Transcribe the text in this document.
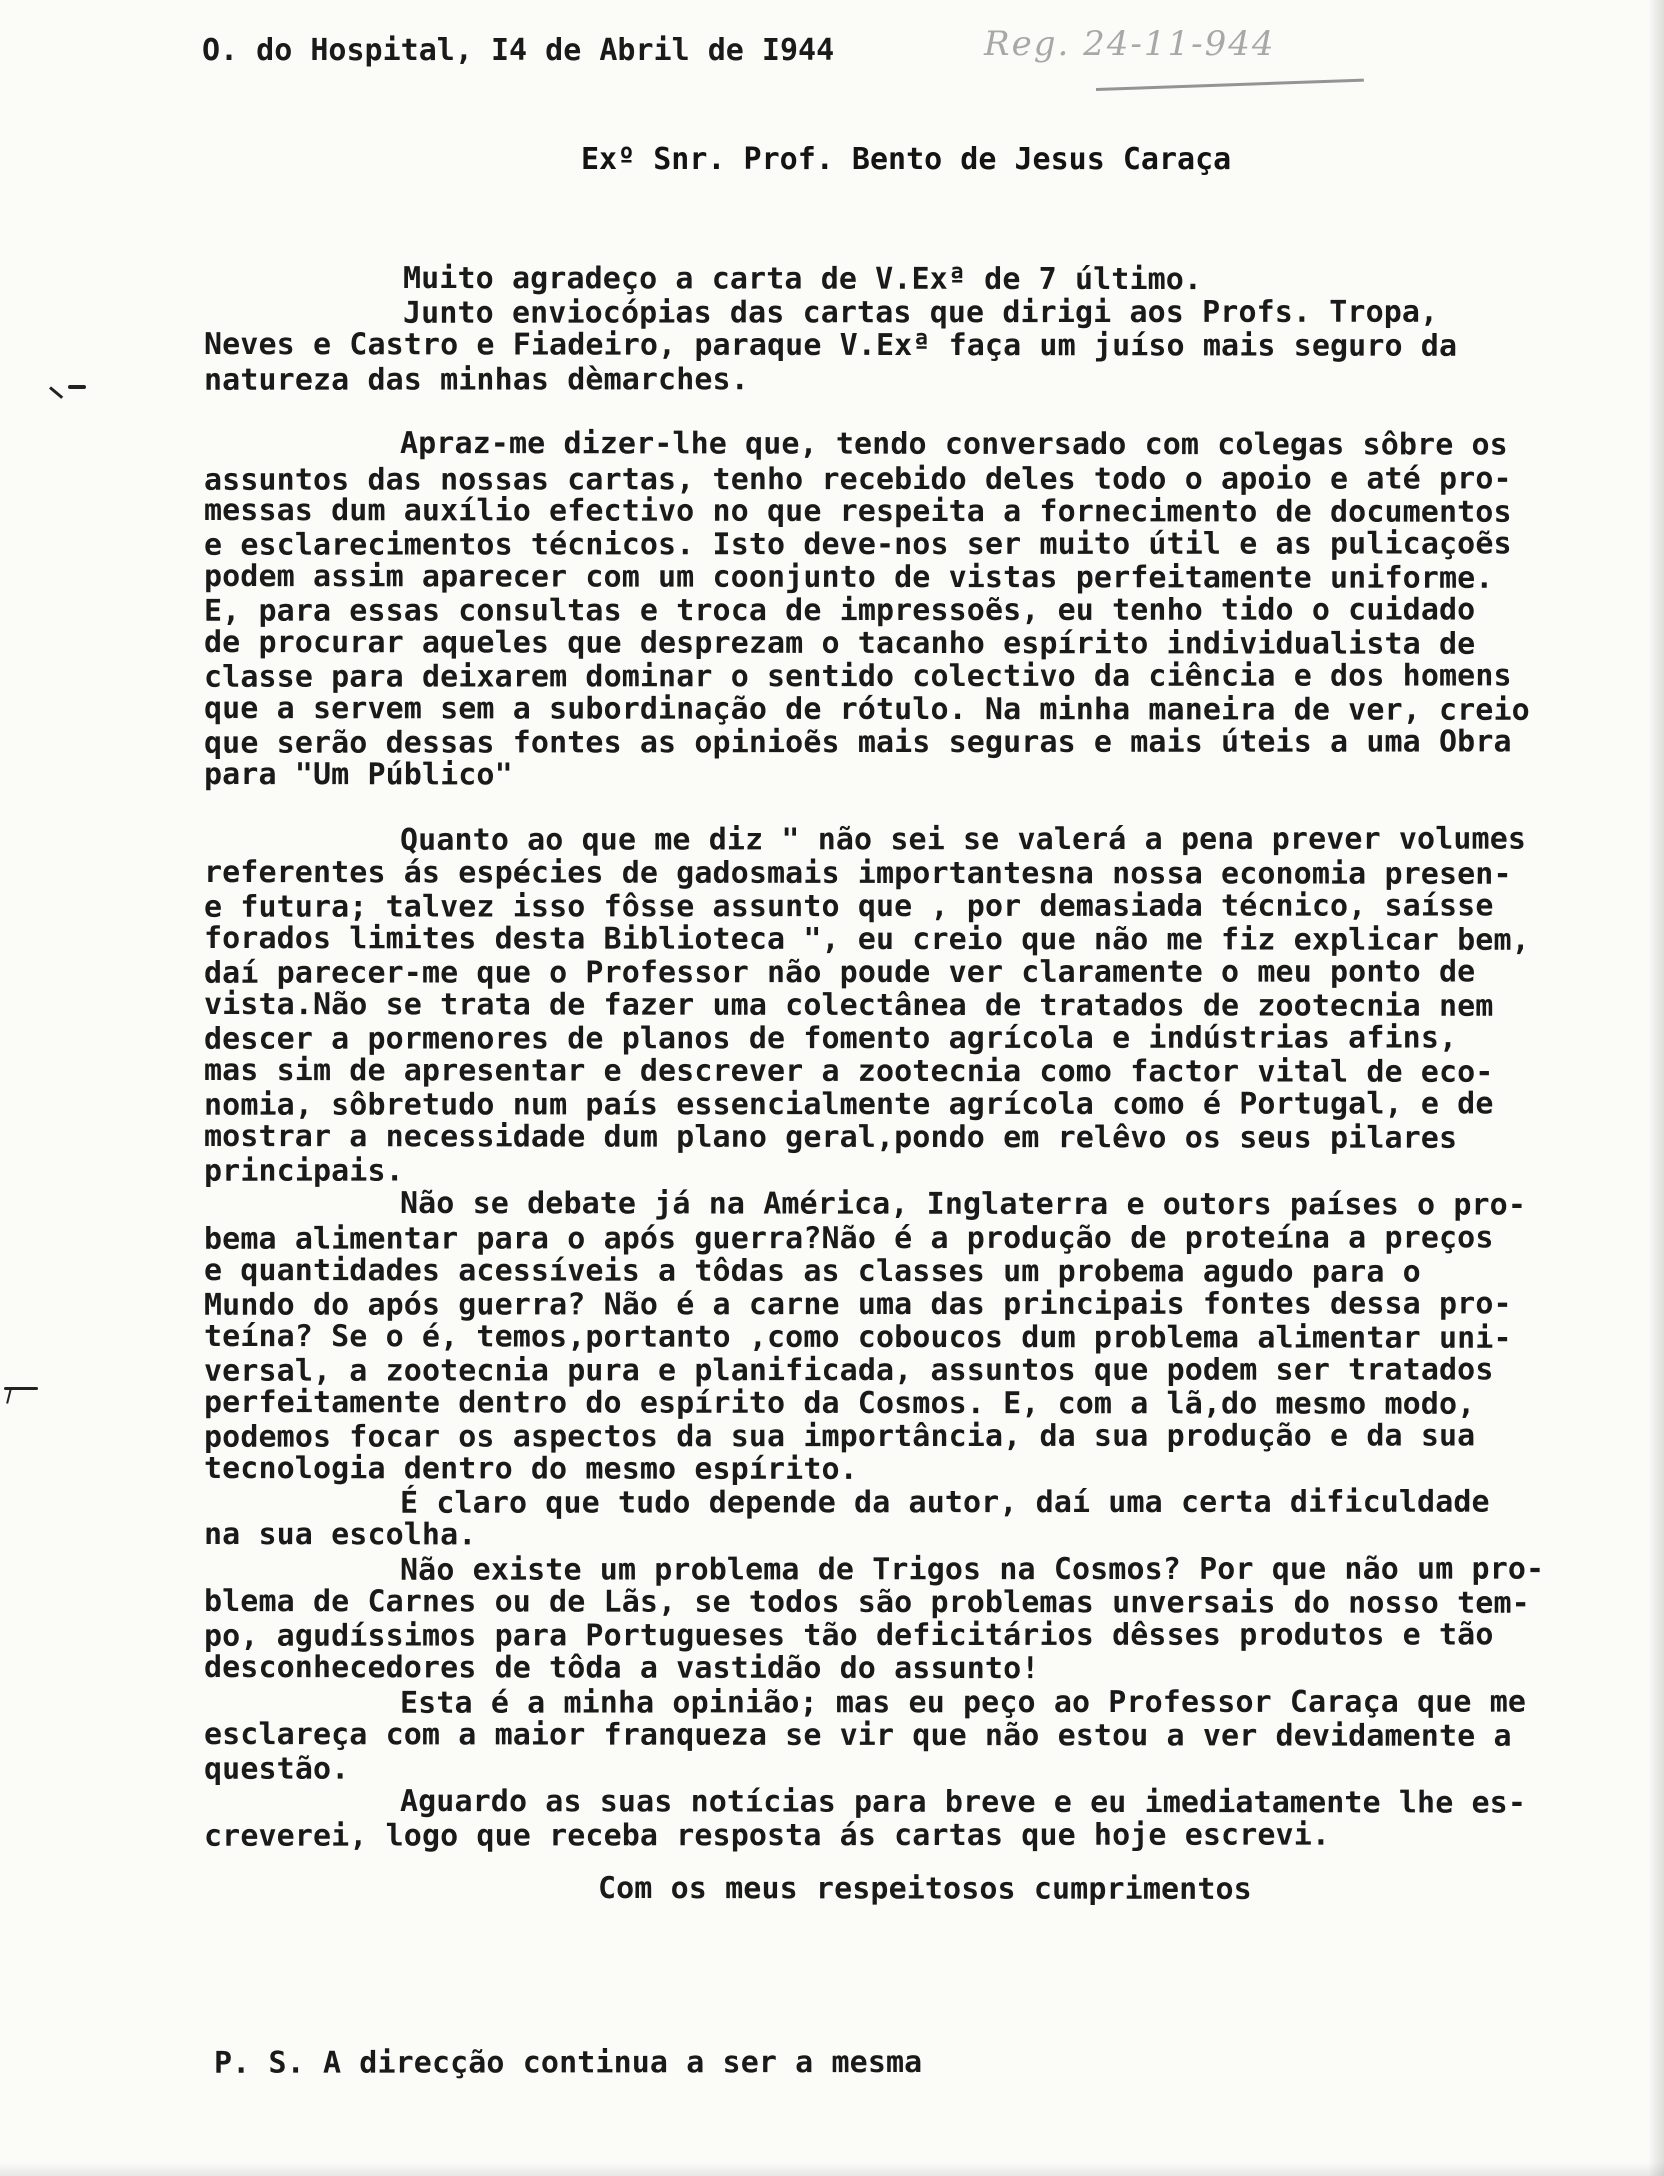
O. do Hospital, I4 de Abril de I944	Reg. 24-11-944
Exº Snr. Prof. Bento de Jesus Caraça
Muito agradeço a carta de V.Exª de 7 último.
Junto enviocópias das cartas que dirigi aos Profs. Tropa,
Neves e Castro e Fiadeiro, paraque V.Exª faça um juíso mais seguro da
natureza das minhas dèmarches.
Apraz-me dizer-lhe que, tendo conversado com colegas sôbre os
assuntos das nossas cartas, tenho recebido deles todo o apoio e até pro-
messas dum auxílio efectivo no que respeita a fornecimento de documentos
e esclarecimentos técnicos. Isto deve-nos ser muito útil e as pulicaçoẽs
podem assim aparecer com um coonjunto de vistas perfeitamente uniforme.
E, para essas consultas e troca de impressoẽs, eu tenho tido o cuidado
de procurar aqueles que desprezam o tacanho espírito individualista de
classe para deixarem dominar o sentido colectivo da ciência e dos homens
que a servem sem a subordinação de rótulo. Na minha maneira de ver, creio
que serão dessas fontes as opinioẽs mais seguras e mais úteis a uma Obra
para "Um Público"
Quanto ao que me diz " não sei se valerá a pena prever volumes
referentes ás espécies de gadosmais importantesna nossa economia presen-
e futura; talvez isso fôsse assunto que , por demasiada técnico, saísse
forados limites desta Biblioteca ", eu creio que não me fiz explicar bem,
daí parecer-me que o Professor não poude ver claramente o meu ponto de
vista.Não se trata de fazer uma colectânea de tratados de zootecnia nem
descer a pormenores de planos de fomento agrícola e indústrias afins,
mas sim de apresentar e descrever a zootecnia como factor vital de eco-
nomia, sôbretudo num país essencialmente agrícola como é Portugal, e de
mostrar a necessidade dum plano geral,pondo em relêvo os seus pilares
principais.
Não se debate já na América, Inglaterra e outors países o pro-
bema alimentar para o após guerra?Não é a produção de proteína a preços
e quantidades acessíveis a tôdas as classes um probema agudo para o
Mundo do após guerra? Não é a carne uma das principais fontes dessa pro-
teína? Se o é, temos,portanto ,como coboucos dum problema alimentar uni-
versal, a zootecnia pura e planificada, assuntos que podem ser tratados
perfeitamente dentro do espírito da Cosmos. E, com a lã,do mesmo modo,
podemos focar os aspectos da sua importância, da sua produção e da sua
tecnologia dentro do mesmo espírito.
É claro que tudo depende da autor, daí uma certa dificuldade
na sua escolha.
Não existe um problema de Trigos na Cosmos? Por que não um pro-
blema de Carnes ou de Lãs, se todos são problemas unversais do nosso tem-
po, agudíssimos para Portugueses tão deficitários dêsses produtos e tão
desconhecedores de tôda a vastidão do assunto!
Esta é a minha opinião; mas eu peço ao Professor Caraça que me
esclareça com a maior franqueza se vir que não estou a ver devidamente a
questão.
Aguardo as suas notícias para breve e eu imediatamente lhe es-
creverei, logo que receba resposta ás cartas que hoje escrevi.
Com os meus respeitosos cumprimentos
P. S. A direcção continua a ser a mesma
